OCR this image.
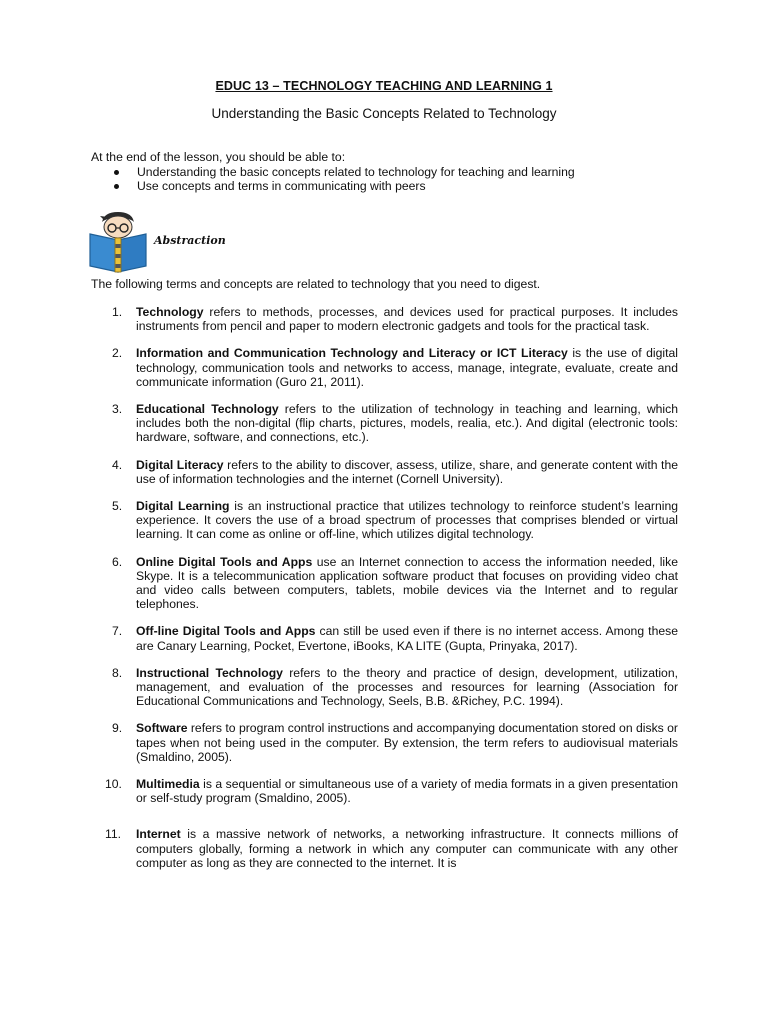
EDUC 13 – TECHNOLOGY TEACHING AND LEARNING 1
Understanding the Basic Concepts Related to Technology
At the end of the lesson, you should be able to:
Understanding the basic concepts related to technology for teaching and learning
Use concepts and terms in communicating with peers
Abstraction
The following terms and concepts are related to technology that you need to digest.
1. Technology refers to methods, processes, and devices used for practical purposes. It includes instruments from pencil and paper to modern electronic gadgets and tools for the practical task.
2. Information and Communication Technology and Literacy or ICT Literacy is the use of digital technology, communication tools and networks to access, manage, integrate, evaluate, create and communicate information (Guro 21, 2011).
3. Educational Technology refers to the utilization of technology in teaching and learning, which includes both the non-digital (flip charts, pictures, models, realia, etc.). And digital (electronic tools: hardware, software, and connections, etc.).
4. Digital Literacy refers to the ability to discover, assess, utilize, share, and generate content with the use of information technologies and the internet (Cornell University).
5. Digital Learning is an instructional practice that utilizes technology to reinforce student’s learning experience. It covers the use of a broad spectrum of processes that comprises blended or virtual learning. It can come as online or off-line, which utilizes digital technology.
6. Online Digital Tools and Apps use an Internet connection to access the information needed, like Skype. It is a telecommunication application software product that focuses on providing video chat and video calls between computers, tablets, mobile devices via the Internet and to regular telephones.
7. Off-line Digital Tools and Apps can still be used even if there is no internet access. Among these are Canary Learning, Pocket, Evertone, iBooks, KA LITE (Gupta, Prinyaka, 2017).
8. Instructional Technology refers to the theory and practice of design, development, utilization, management, and evaluation of the processes and resources for learning (Association for Educational Communications and Technology, Seels, B.B. &Richey, P.C. 1994).
9. Software refers to program control instructions and accompanying documentation stored on disks or tapes when not being used in the computer. By extension, the term refers to audiovisual materials (Smaldino, 2005).
10. Multimedia is a sequential or simultaneous use of a variety of media formats in a given presentation or self-study program (Smaldino, 2005).
11. Internet is a massive network of networks, a networking infrastructure. It connects millions of computers globally, forming a network in which any computer can communicate with any other computer as long as they are connected to the internet. It is
